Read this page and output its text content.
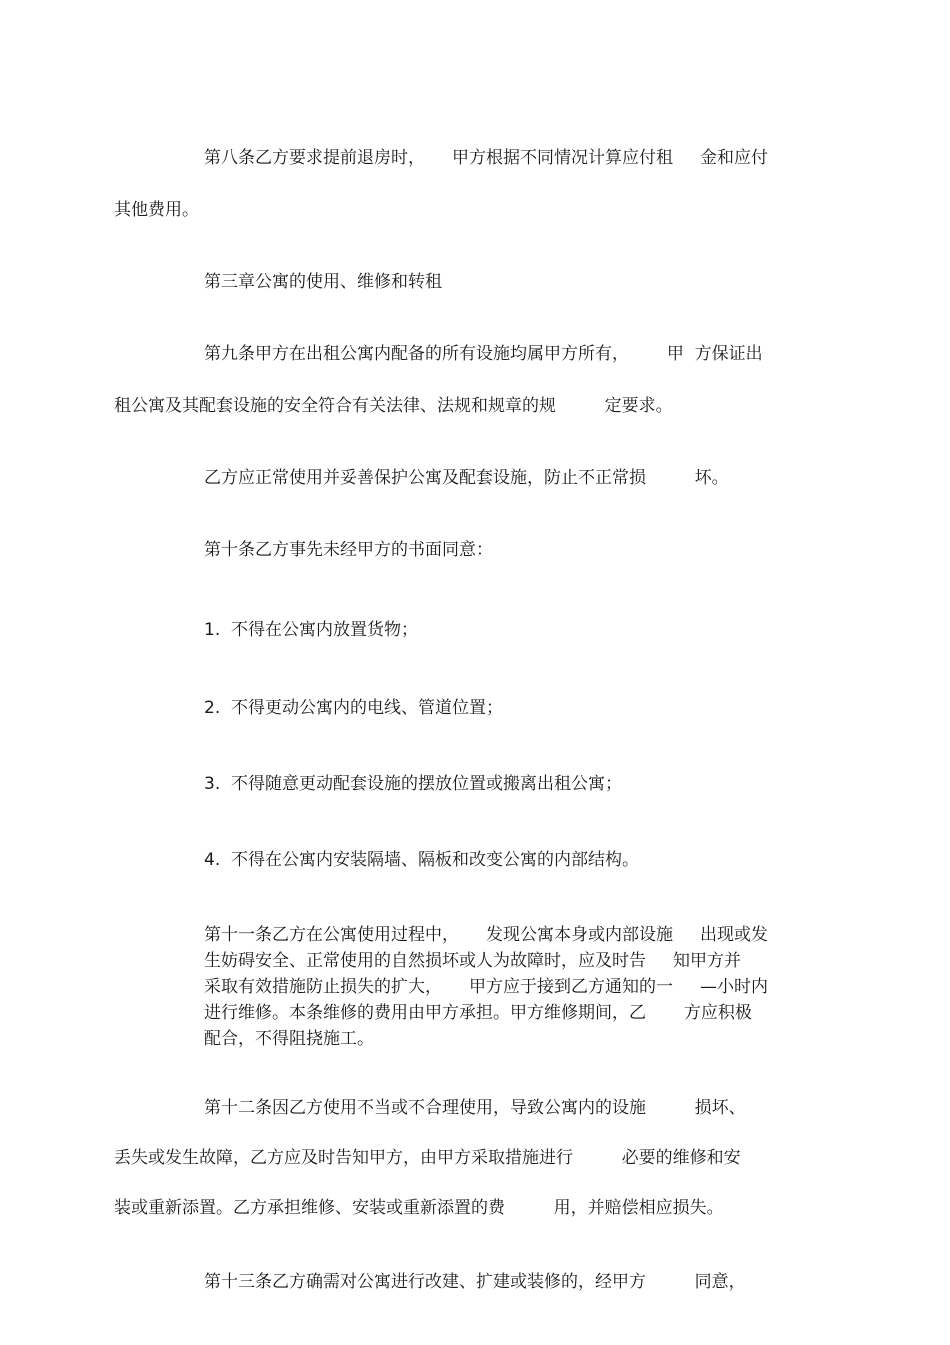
第八条乙方要求提前退房时，     甲方根据不同情况计算应付租     金和应付

其他费用。

第三章公寓的使用、维修和转租

第九条甲方在出租公寓内配备的所有设施均属甲方所有，       甲  方保证出

租公寓及其配套设施的安全符合有关法律、法规和规章的规         定要求。

乙方应正常使用并妥善保护公寓及配套设施，防止不正常损         坏。

第十条乙方事先未经甲方的书面同意：

1.  不得在公寓内放置货物；

2.  不得更动公寓内的电线、管道位置；

3.  不得随意更动配套设施的摆放位置或搬离出租公寓；

4.  不得在公寓内安装隔墙、隔板和改变公寓的内部结构。

第十一条乙方在公寓使用过程中，     发现公寓本身或内部设施     出现或发
生妨碍安全、正常使用的自然损坏或人为故障时，应及时告     知甲方并
采取有效措施防止损失的扩大，     甲方应于接到乙方通知的一     —小时内
进行维修。本条维修的费用由甲方承担。甲方维修期间，乙       方应积极
配合，不得阻挠施工。

第十二条因乙方使用不当或不合理使用，导致公寓内的设施         损坏、

丢失或发生故障，乙方应及时告知甲方，由甲方采取措施进行         必要的维修和安

装或重新添置。乙方承担维修、安装或重新添置的费         用，并赔偿相应损失。

第十三条乙方确需对公寓进行改建、扩建或装修的，经甲方         同意，
